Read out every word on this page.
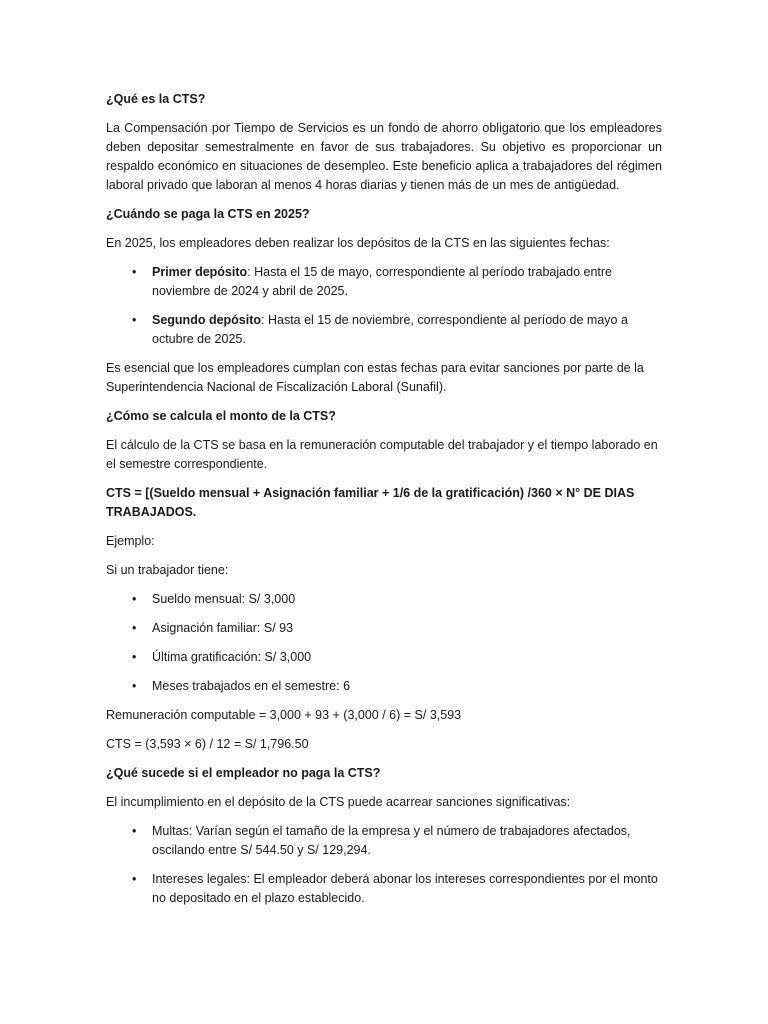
¿Qué es la CTS?

La Compensación por Tiempo de Servicios es un fondo de ahorro obligatorio que los empleadores deben depositar semestralmente en favor de sus trabajadores. Su objetivo es proporcionar un respaldo económico en situaciones de desempleo. Este beneficio aplica a trabajadores del régimen laboral privado que laboran al menos 4 horas diarias y tienen más de un mes de antigüedad.

¿Cuándo se paga la CTS en 2025?

En 2025, los empleadores deben realizar los depósitos de la CTS en las siguientes fechas:

• Primer depósito: Hasta el 15 de mayo, correspondiente al período trabajado entre noviembre de 2024 y abril de 2025.
• Segundo depósito: Hasta el 15 de noviembre, correspondiente al período de mayo a octubre de 2025.

Es esencial que los empleadores cumplan con estas fechas para evitar sanciones por parte de la Superintendencia Nacional de Fiscalización Laboral (Sunafil).

¿Cómo se calcula el monto de la CTS?

El cálculo de la CTS se basa en la remuneración computable del trabajador y el tiempo laborado en el semestre correspondiente.

CTS = [(Sueldo mensual + Asignación familiar + 1/6 de la gratificación) /360 × N° DE DIAS TRABAJADOS.

Ejemplo:

Si un trabajador tiene:

• Sueldo mensual: S/ 3,000
• Asignación familiar: S/ 93
• Última gratificación: S/ 3,000
• Meses trabajados en el semestre: 6

Remuneración computable = 3,000 + 93 + (3,000 / 6) = S/ 3,593

CTS = (3,593 × 6) / 12 = S/ 1,796.50

¿Qué sucede si el empleador no paga la CTS?

El incumplimiento en el depósito de la CTS puede acarrear sanciones significativas:

• Multas: Varían según el tamaño de la empresa y el número de trabajadores afectados, oscilando entre S/ 544.50 y S/ 129,294.
• Intereses legales: El empleador deberá abonar los intereses correspondientes por el monto no depositado en el plazo establecido.
